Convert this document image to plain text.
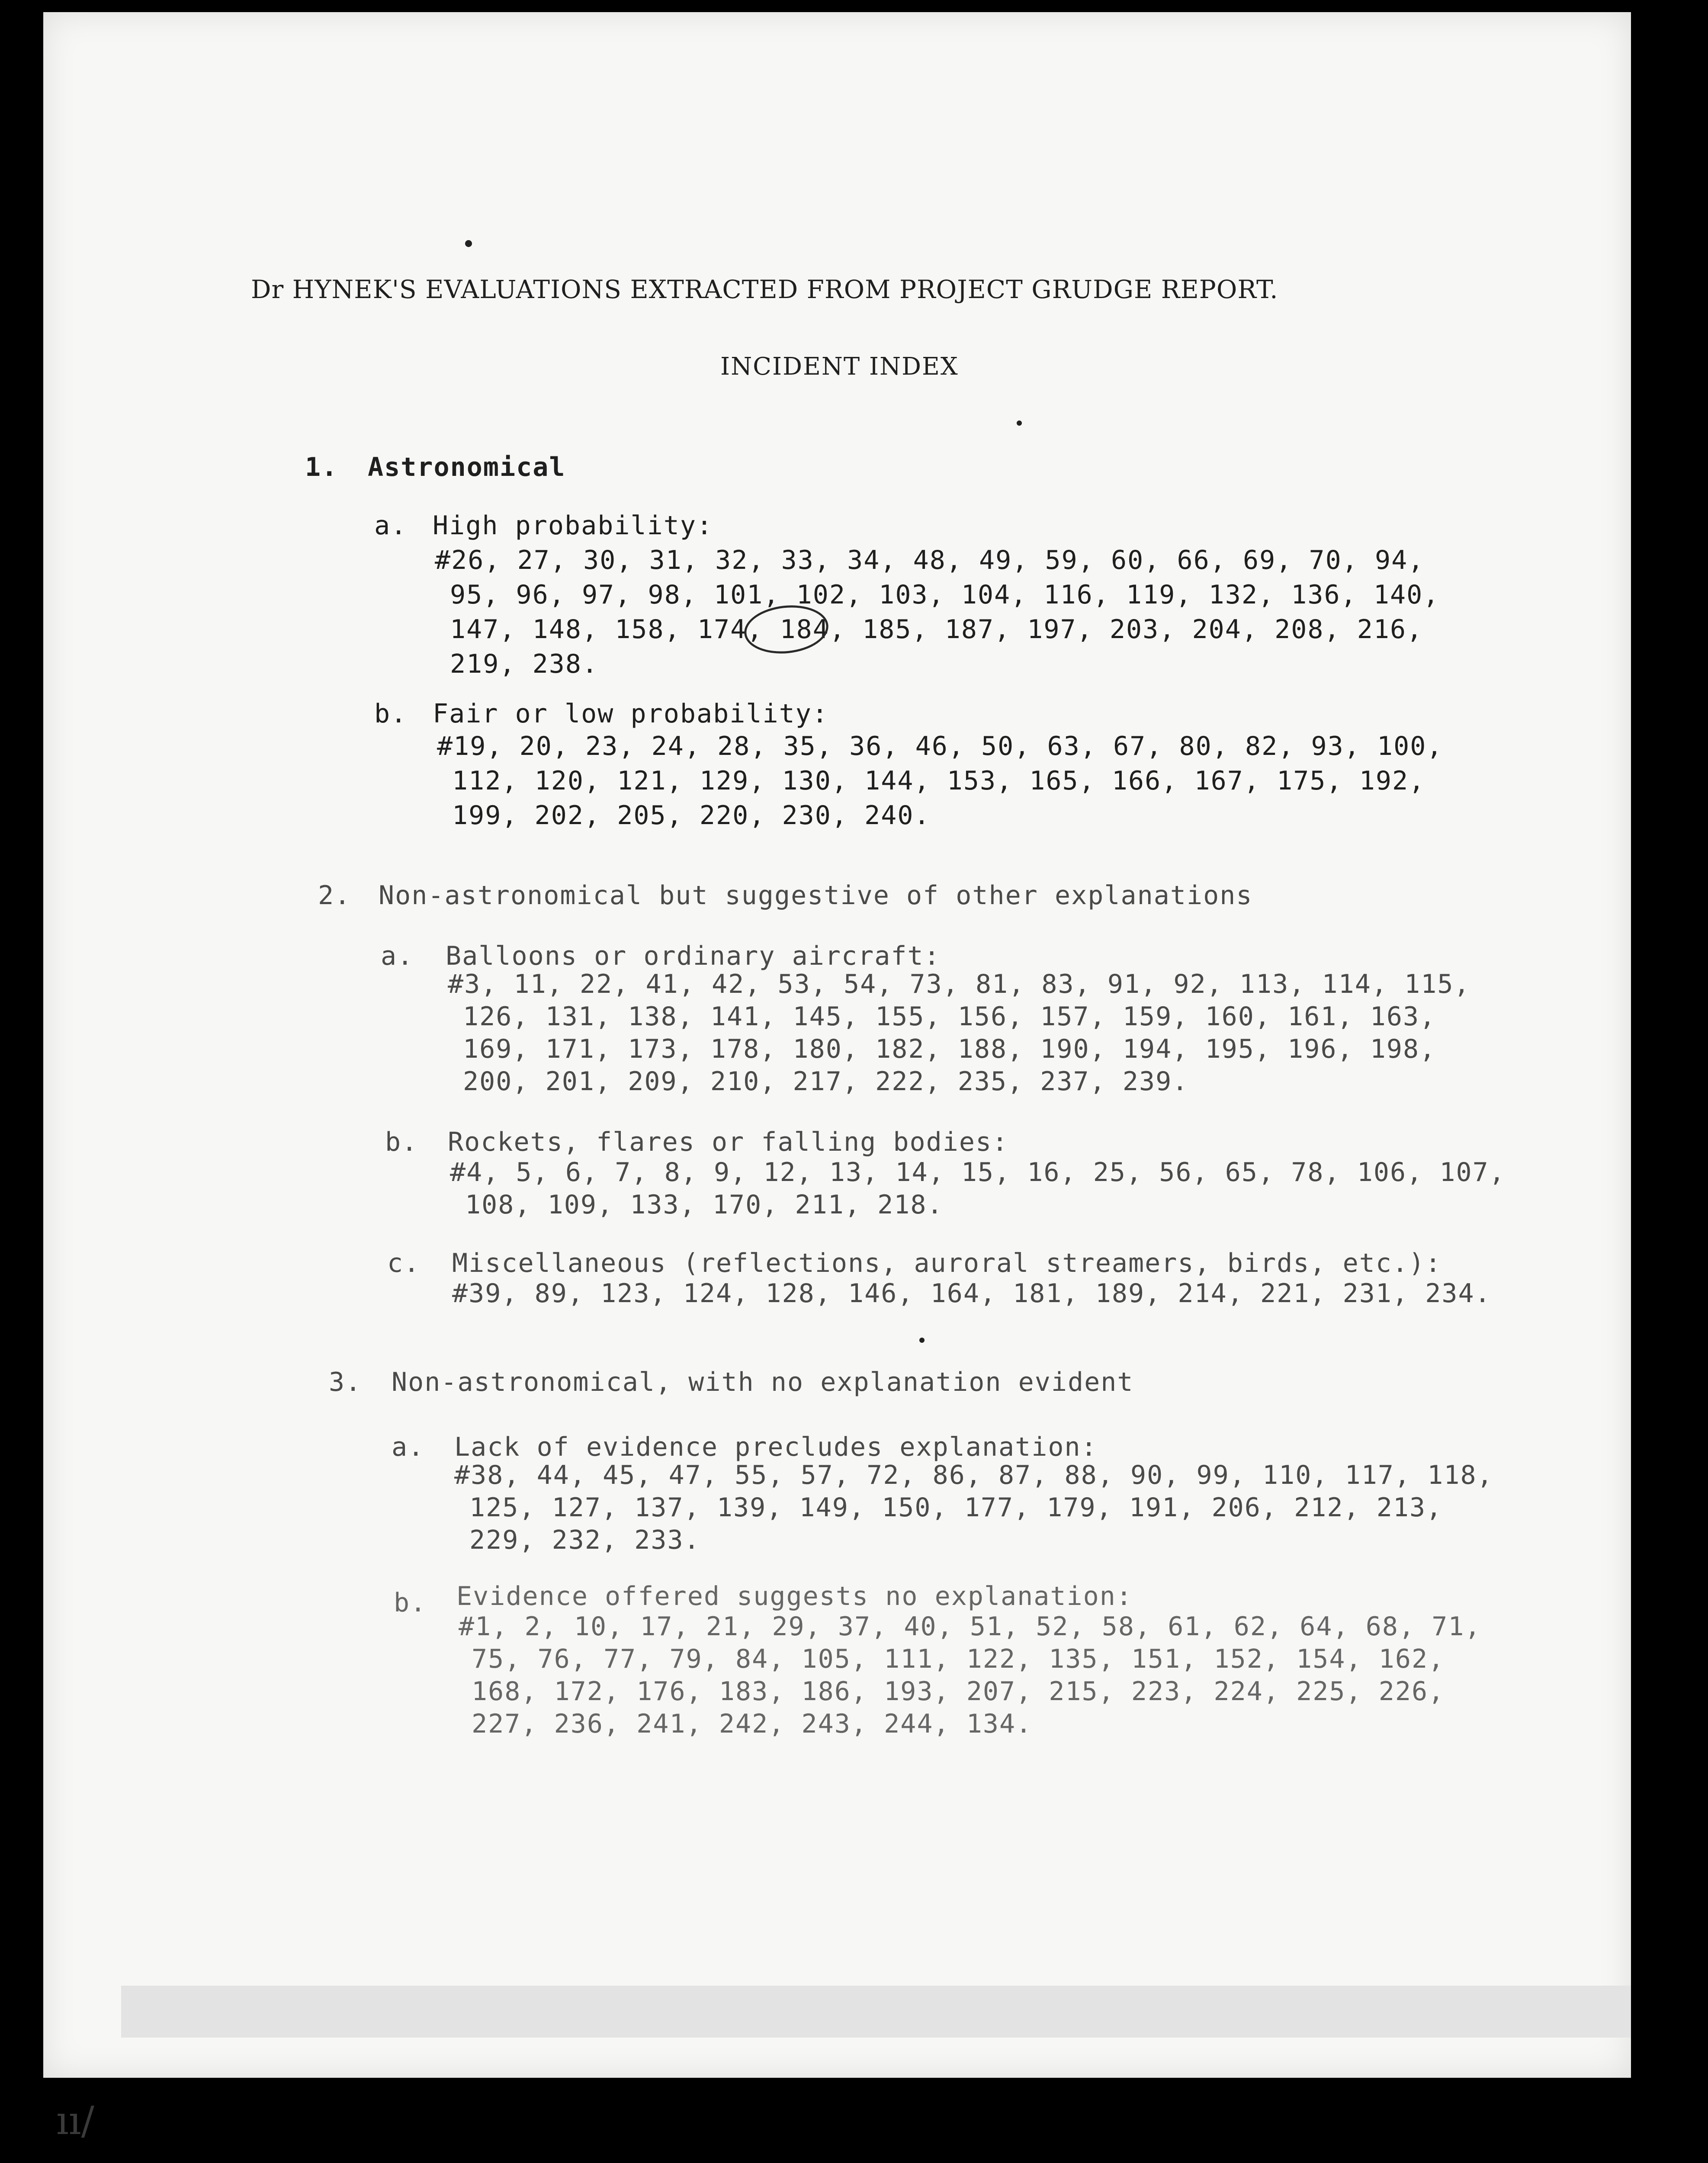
Dr HYNEK'S EVALUATIONS EXTRACTED FROM PROJECT GRUDGE REPORT.
INCIDENT INDEX
1. Astronomical
a. High probability:
#26, 27, 30, 31, 32, 33, 34, 48, 49, 59, 60, 66, 69, 70, 94,
95, 96, 97, 98, 101, 102, 103, 104, 116, 119, 132, 136, 140,
147, 148, 158, 174, 184, 185, 187, 197, 203, 204, 208, 216,
219, 238.
b. Fair or low probability:
#19, 20, 23, 24, 28, 35, 36, 46, 50, 63, 67, 80, 82, 93, 100,
112, 120, 121, 129, 130, 144, 153, 165, 166, 167, 175, 192,
199, 202, 205, 220, 230, 240.
2. Non-astronomical but suggestive of other explanations
a. Balloons or ordinary aircraft:
#3, 11, 22, 41, 42, 53, 54, 73, 81, 83, 91, 92, 113, 114, 115,
126, 131, 138, 141, 145, 155, 156, 157, 159, 160, 161, 163,
169, 171, 173, 178, 180, 182, 188, 190, 194, 195, 196, 198,
200, 201, 209, 210, 217, 222, 235, 237, 239.
b. Rockets, flares or falling bodies:
#4, 5, 6, 7, 8, 9, 12, 13, 14, 15, 16, 25, 56, 65, 78, 106, 107,
108, 109, 133, 170, 211, 218.
c. Miscellaneous (reflections, auroral streamers, birds, etc.):
#39, 89, 123, 124, 128, 146, 164, 181, 189, 214, 221, 231, 234.
3. Non-astronomical, with no explanation evident
a. Lack of evidence precludes explanation:
#38, 44, 45, 47, 55, 57, 72, 86, 87, 88, 90, 99, 110, 117, 118,
125, 127, 137, 139, 149, 150, 177, 179, 191, 206, 212, 213,
229, 232, 233.
b. Evidence offered suggests no explanation:
#1, 2, 10, 17, 21, 29, 37, 40, 51, 52, 58, 61, 62, 64, 68, 71,
75, 76, 77, 79, 84, 105, 111, 122, 135, 151, 152, 154, 162,
168, 172, 176, 183, 186, 193, 207, 215, 223, 224, 225, 226,
227, 236, 241, 242, 243, 244, 134.
ıı/
